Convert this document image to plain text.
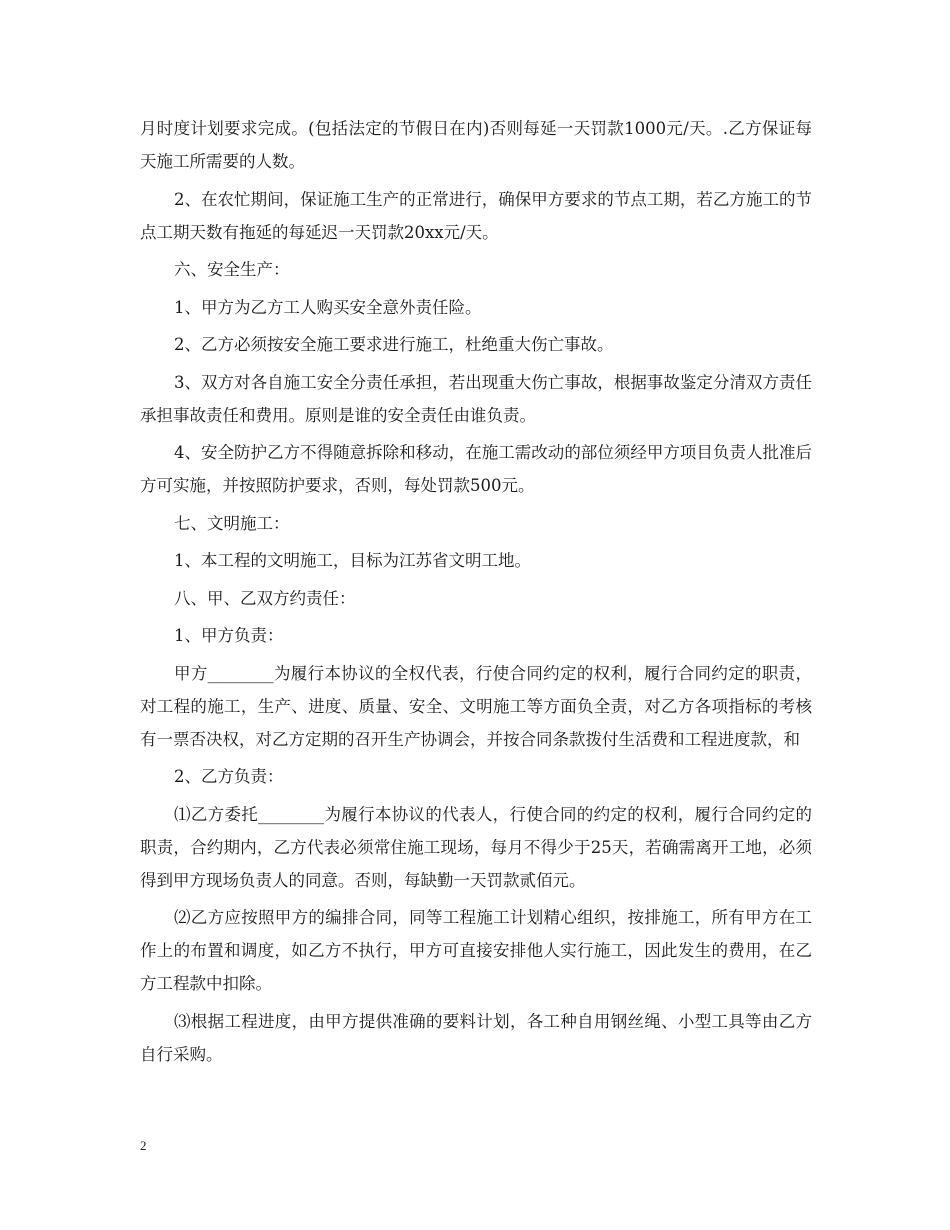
月时度计划要求完成。(包括法定的节假日在内)否则每延一天罚款1000元/天。.乙方保证每天施工所需要的人数。

2、在农忙期间，保证施工生产的正常进行，确保甲方要求的节点工期，若乙方施工的节点工期天数有拖延的每延迟一天罚款20xx元/天。

六、安全生产：

1、甲方为乙方工人购买安全意外责任险。

2、乙方必须按安全施工要求进行施工，杜绝重大伤亡事故。

3、双方对各自施工安全分责任承担，若出现重大伤亡事故，根据事故鉴定分清双方责任承担事故责任和费用。原则是谁的安全责任由谁负责。

4、安全防护乙方不得随意拆除和移动，在施工需改动的部位须经甲方项目负责人批准后方可实施，并按照防护要求，否则，每处罚款500元。

七、文明施工：

1、本工程的文明施工，目标为江苏省文明工地。

八、甲、乙双方约责任：

1、甲方负责：

甲方________为履行本协议的全权代表，行使合同约定的权利，履行合同约定的职责，对工程的施工，生产、进度、质量、安全、文明施工等方面负全责，对乙方各项指标的考核有一票否决权，对乙方定期的召开生产协调会，并按合同条款拨付生活费和工程进度款，和

2、乙方负责：

⑴乙方委托________为履行本协议的代表人，行使合同的约定的权利，履行合同约定的职责，合约期内，乙方代表必须常住施工现场，每月不得少于25天，若确需离开工地，必须得到甲方现场负责人的同意。否则，每缺勤一天罚款贰佰元。

⑵乙方应按照甲方的编排合同，同等工程施工计划精心组织，按排施工，所有甲方在工作上的布置和调度，如乙方不执行，甲方可直接安排他人实行施工，因此发生的费用，在乙方工程款中扣除。

⑶根据工程进度，由甲方提供准确的要料计划，各工种自用钢丝绳、小型工具等由乙方自行采购。

2
